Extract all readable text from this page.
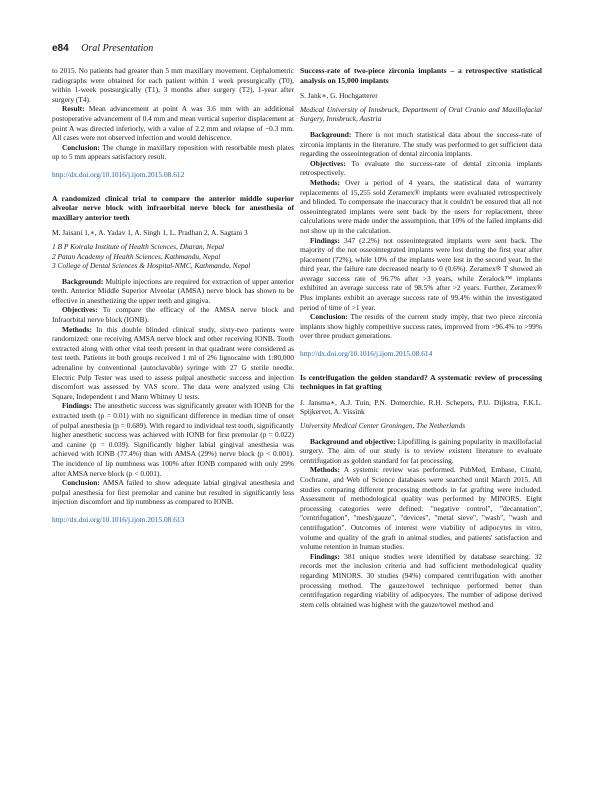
e84 Oral Presentation

to 2015. No patients had greater than 5 mm maxillary movement. Cephalometric radiographs were obtained for each patient within 1 week presurgically (T0), within 1-week postsurgically (T1), 3 months after surgery (T2), 1-year after surgery (T4).

Result: Mean advancement at point A was 3.6 mm with an additional postoperative advancement of 0.4 mm and mean vertical superior displacement at point A was directed inferiorly, with a value of 2.2 mm and relapse of −0.3 mm. All cases were not observed infection and would dehiscence.

Conclusion: The change in maxillary reposition with resorbable mesh plates up to 5 mm appears satisfactory result.

http://dx.doi.org/10.1016/j.ijom.2015.08.612

A randomized clinical trial to compare the anterior middle superior alveolar nerve block with infraorbital nerve block for anesthesia of maxillary anterior teeth

M. Jaisani 1,∗, A. Yadav 1, A. Singh 1, L. Pradhan 2, A. Sagtani 3

1 B P Koirala Institute of Health Sciences, Dharan, Nepal

2 Patan Academy of Health Sciences, Kathmandu, Nepal

3 College of Dental Sciences & Hospital-NMC, Kathmandu, Nepal

Background: Multiple injections are required for extraction of upper anterior teeth. Anterior Middle Superior Alveolar (AMSA) nerve block has shown to be effective in anesthetizing the upper teeth and gingiva.

Objectives: To compare the efficacy of the AMSA nerve block and Infraorbital nerve block (IONB).

Methods: In this double blinded clinical study, sixty-two patients were randomized: one receiving AMSA nerve block and other receiving IONB. Tooth extracted along with other vital teeth present in that quadrant were considered as test teeth. Patients in both groups received 1 ml of 2% lignocaine with 1:80,000 adrenaline by conventional (autoclavable) syringe with 27 G sterile needle. Electric Pulp Tester was used to assess pulpal anesthetic success and injection discomfort was assessed by VAS score. The data were analyzed using Chi Square, Independent t and Mann Whitney U tests.

Findings: The anesthetic success was significantly greater with IONB for the extracted teeth (p = 0.01) with no significant difference in median time of onset of pulpal anesthesia (p = 0.689). With regard to individual test tooth, significantly higher anesthetic success was achieved with IONB for first premolar (p = 0.022) and canine (p = 0.039). Significantly higher labial gingival anesthesia was achieved with IONB (77.4%) than with AMSA (29%) nerve block (p < 0.001). The incidence of lip numbness was 100% after IONB compared with only 29% after AMSA nerve block (p < 0.001).

Conclusion: AMSA failed to show adequate labial gingival anesthesia and pulpal anesthesia for first premolar and canine but resulted in significantly less injection discomfort and lip numbness as compared to IONB.

http://dx.doi.org/10.1016/j.ijom.2015.08.613

Success-rate of two-piece zirconia implants – a retrospective statistical analysis on 15,000 implants

S. Jank∗, G. Hochgatterer

Medical University of Innsbruck, Department of Oral Cranio and Maxillofacial Surgery, Innsbruck, Austria

Background: There is not much statistical data about the success-rate of zirconia implants in the literature. The study was performed to get sufficient data regarding the osseointegration of dental zirconia implants.

Objectives: To evaluate the success-rate of dental zirconia implants retrospectively.

Methods: Over a period of 4 years, the statistical data of warranty replacements of 15,255 sold Zeramex® implants were evaluated retrospectively and blinded. To compensate the inaccuracy that it couldn't be ensured that all not osseointegrated implants were sent back by the users for replacement, three calculations were made under the assumption, that 10% of the failed implants did not show up in the calculation.

Findings: 347 (2.2%) not osseointegrated implants were sent back. The majority of the not osseointegrated implants were lost during the first year after placement (72%), while 10% of the implants were lost in the second year. In the third year, the failure rate decreased nearly to 0 (0.6%). Zeramex® T showed an average success rate of 96.7% after >3 years, while Zeralock™ implants exhibited an average success rate of 98.5% after >2 years. Further, Zeramex® Plus implants exhibit an average success rate of 99.4% within the investigated period of time of >1 year.

Conclusion: The results of the current study imply, that two piece zirconia implants show highly competitive success rates, improved from >96.4% to >99% over three product generations.

http://dx.doi.org/10.1016/j.ijom.2015.08.614

Is centrifugation the golden standard? A systematic review of processing techniques in fat grafting

J. Jansma∗, A.J. Tuin, P.N. Domerchie, R.H. Schepers, P.U. Dijkstra, F.K.L. Spijkervet, A. Vissink

University Medical Center Groningen, The Netherlands

Background and objective: Lipofilling is gaining popularity in maxillofacial surgery. The aim of our study is to review existent literature to evaluate centrifugation as golden standard for fat processing.

Methods: A systemic review was performed. PubMed, Embase, Cinahl, Cochrane, and Web of Science databases were searched until March 2015. All studies comparing different processing methods in fat grafting were included. Assessment of methodological quality was performed by MINORS. Eight processing categories were defined: "negative control", "decantation", "centrifugation", "mesh/gauze", "devices", "metal sieve", "wash", "wash and centrifugation". Outcomes of interest were viability of adipocytes in vitro, volume and quality of the graft in animal studies, and patients' satisfaction and volume retention in human studies.

Findings: 381 unique studies were identified by database searching. 32 records met the inclusion criteria and had sufficient methodological quality regarding MINORS. 30 studies (94%) compared centrifugation with another processing method. The gauze/towel technique performed better than centrifugation regarding viability of adipocytes. The number of adipose derived stem cells obtained was highest with the gauze/towel method and
